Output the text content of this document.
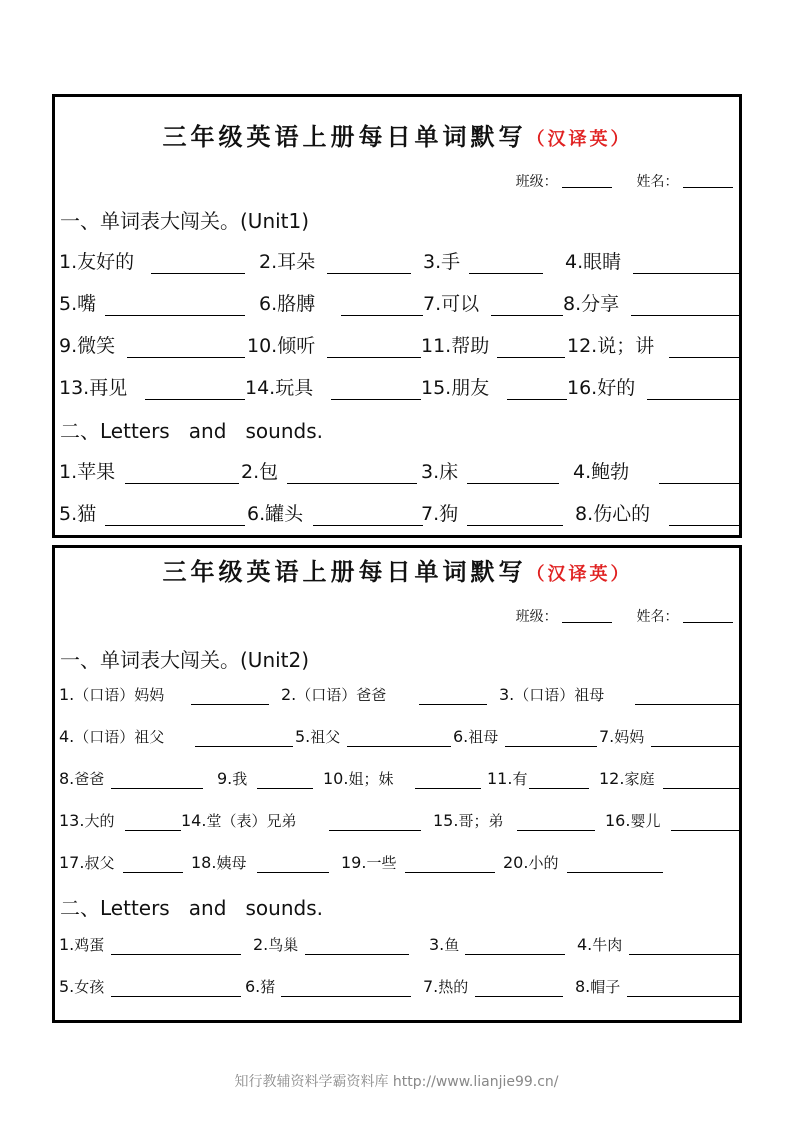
三年级英语上册每日单词默写（汉译英）
班级：	姓名：
一、单词表大闯关。(Unit1)
1.友好的	2.耳朵	3.手	4.眼睛
5.嘴	6.胳膊	7.可以	8.分享
9.微笑	10.倾听	11.帮助	12.说；讲
13.再见	14.玩具	15.朋友	16.好的
二、Letters   and   sounds.
1.苹果	2.包	3.床	4.鲍勃
5.猫	6.罐头	7.狗	8.伤心的
三年级英语上册每日单词默写（汉译英）
班级：	姓名：
一、单词表大闯关。(Unit2)
1.（口语）妈妈	2.（口语）爸爸	3.（口语）祖母
4.（口语）祖父	5.祖父	6.祖母	7.妈妈
8.爸爸	9.我	10.姐；妹	11.有	12.家庭
13.大的	14.堂（表）兄弟	15.哥；弟	16.婴儿
17.叔父	18.姨母	19.一些	20.小的
二、Letters   and   sounds.
1.鸡蛋	2.鸟巢	3.鱼	4.牛肉
5.女孩	6.猪	7.热的	8.帽子
知行教辅资料学霸资料库 http://www.lianjie99.cn/
